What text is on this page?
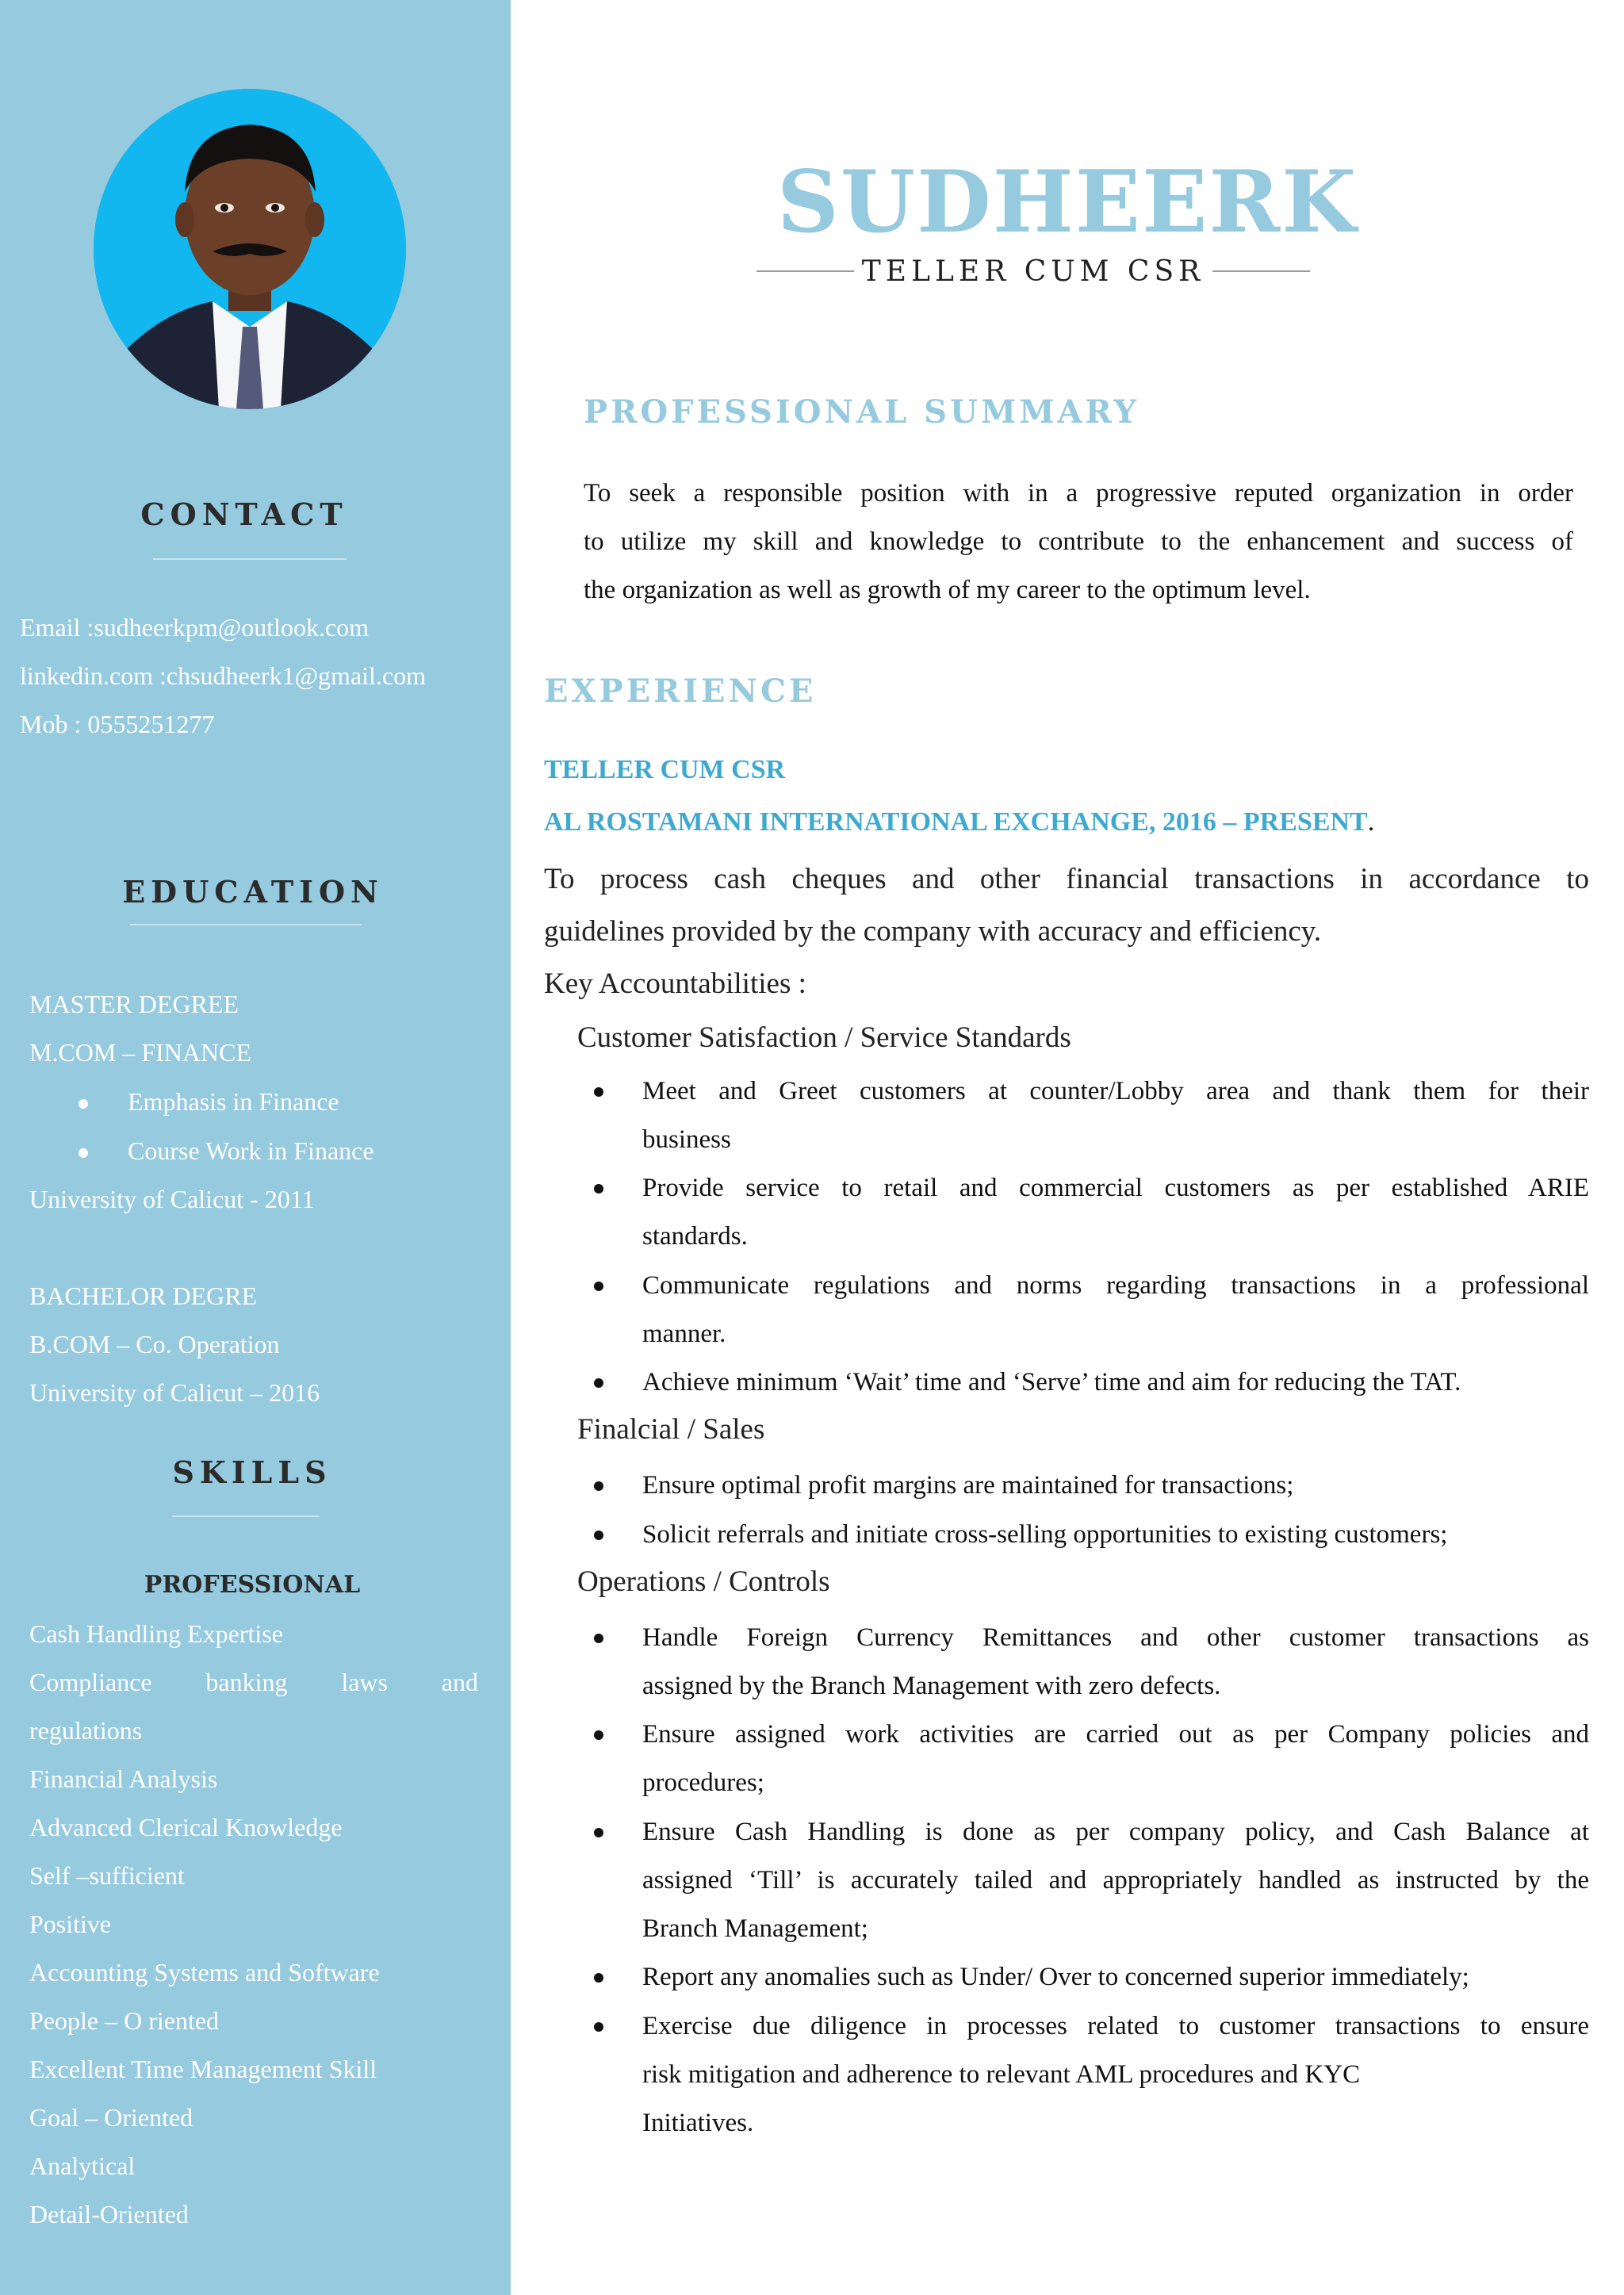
CONTACT
Email :sudheerkpm@outlook.com
linkedin.com :chsudheerk1@gmail.com
Mob : 0555251277
EDUCATION
MASTER DEGREE
M.COM – FINANCE
Emphasis in Finance
Course Work in Finance
University of Calicut - 2011
BACHELOR DEGRE
B.COM – Co. Operation
University of Calicut – 2016
SKILLS
PROFESSIONAL
Cash Handling Expertise
Compliance banking laws and
regulations
Financial Analysis
Advanced Clerical Knowledge
Self –sufficient
Positive
Accounting Systems and Software
People – O riented
Excellent Time Management Skill
Goal – Oriented
Analytical
Detail-Oriented
SUDHEERK
TELLER CUM CSR
PROFESSIONAL SUMMARY
To seek a responsible position with in a progressive reputed organization in order
to utilize my skill and knowledge to contribute to the enhancement and success of
the organization as well as growth of my career to the optimum level.
EXPERIENCE
TELLER CUM CSR
AL ROSTAMANI INTERNATIONAL EXCHANGE, 2016 – PRESENT.
To process cash cheques and other financial transactions in accordance to
guidelines provided by the company with accuracy and efficiency.
Key Accountabilities :
Customer Satisfaction / Service Standards
Meet and Greet customers at counter/Lobby area and thank them for their
business
Provide service to retail and commercial customers as per established ARIE
standards.
Communicate regulations and norms regarding transactions in a professional
manner.
Achieve minimum ‘Wait’ time and ‘Serve’ time and aim for reducing the TAT.
Finalcial / Sales
Ensure optimal profit margins are maintained for transactions;
Solicit referrals and initiate cross-selling opportunities to existing customers;
Operations / Controls
Handle Foreign Currency Remittances and other customer transactions as
assigned by the Branch Management with zero defects.
Ensure assigned work activities are carried out as per Company policies and
procedures;
Ensure Cash Handling is done as per company policy, and Cash Balance at
assigned ‘Till’ is accurately tailed and appropriately handled as instructed by the
Branch Management;
Report any anomalies such as Under/ Over to concerned superior immediately;
Exercise due diligence in processes related to customer transactions to ensure
risk mitigation and adherence to relevant AML procedures and KYC
Initiatives.
